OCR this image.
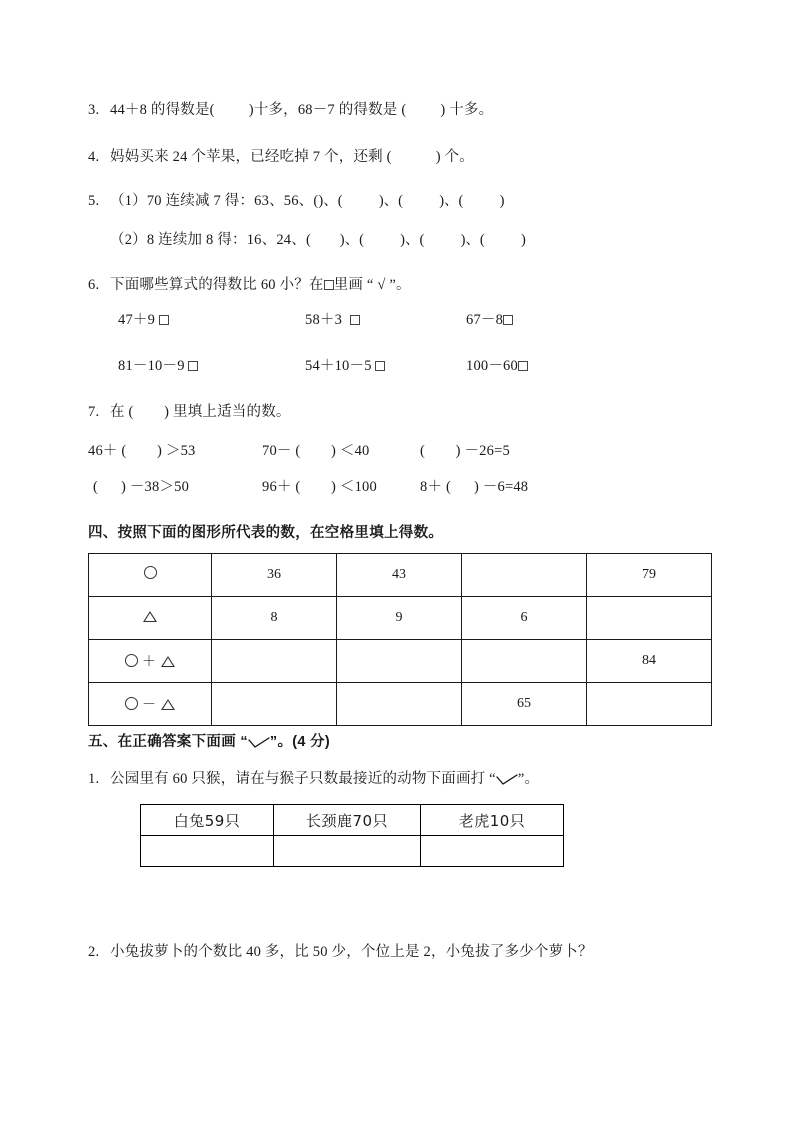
3. 44＋8 的得数是( )十多，68－7 的得数是 ( ) 十多。
4. 妈妈买来 24 个苹果，已经吃掉 7 个，还剩 (	) 个。
5. （1）70 连续减 7 得：63、56、()、(          )、(          )、(          )
（2）8 连续加 8 得：16、24、(        )、(          )、(          )、(          )
6. 下面哪些算式的得数比 60 小？在 里画 “ √ ”。
47＋9	58＋3	67－8
81－10－9	54＋10－5	100－60
7. 在 (        ) 里填上适当的数。
46＋ (        ) ＞53	70－ (        ) ＜40	(        ) －26=5
(      ) －38＞50	96＋ (        ) ＜100	8＋ (      ) －6=48
四、按照下面的图形所代表的数，在空格里填上得数。
	36	43		79
	8	9	6	
＋				84
－			65	
五、在正确答案下面画 “ ”。(4 分)
1. 公园里有 60 只猴，请在与猴子只数最接近的动物下面画打 “ ”。
白兔59只	长颈鹿70只	老虎10只

2. 小兔拔萝卜的个数比 40 多，比 50 少，个位上是 2，小兔拔了多少个萝卜？
